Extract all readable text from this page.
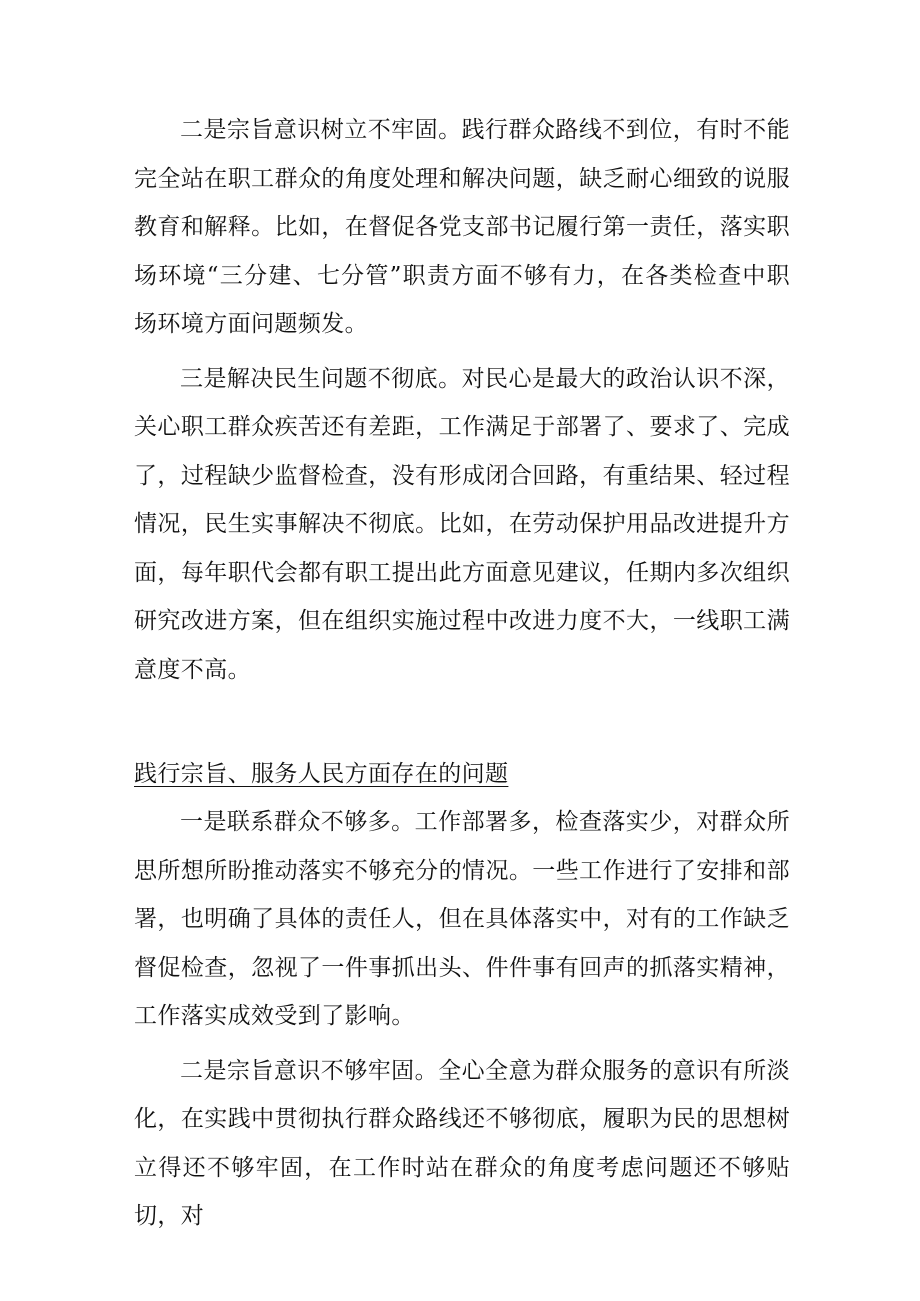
二是宗旨意识树立不牢固。践行群众路线不到位，有时不能完全站在职工群众的角度处理和解决问题，缺乏耐心细致的说服教育和解释。比如，在督促各党支部书记履行第一责任，落实职场环境“三分建、七分管”职责方面不够有力，在各类检查中职场环境方面问题频发。

三是解决民生问题不彻底。对民心是最大的政治认识不深，关心职工群众疾苦还有差距，工作满足于部署了、要求了、完成了，过程缺少监督检查，没有形成闭合回路，有重结果、轻过程情况，民生实事解决不彻底。比如，在劳动保护用品改进提升方面，每年职代会都有职工提出此方面意见建议，任期内多次组织研究改进方案，但在组织实施过程中改进力度不大，一线职工满意度不高。

践行宗旨、服务人民方面存在的问题

一是联系群众不够多。工作部署多，检查落实少，对群众所思所想所盼推动落实不够充分的情况。一些工作进行了安排和部署，也明确了具体的责任人，但在具体落实中，对有的工作缺乏督促检查，忽视了一件事抓出头、件件事有回声的抓落实精神，工作落实成效受到了影响。

二是宗旨意识不够牢固。全心全意为群众服务的意识有所淡化，在实践中贯彻执行群众路线还不够彻底，履职为民的思想树立得还不够牢固，在工作时站在群众的角度考虑问题还不够贴切，对
